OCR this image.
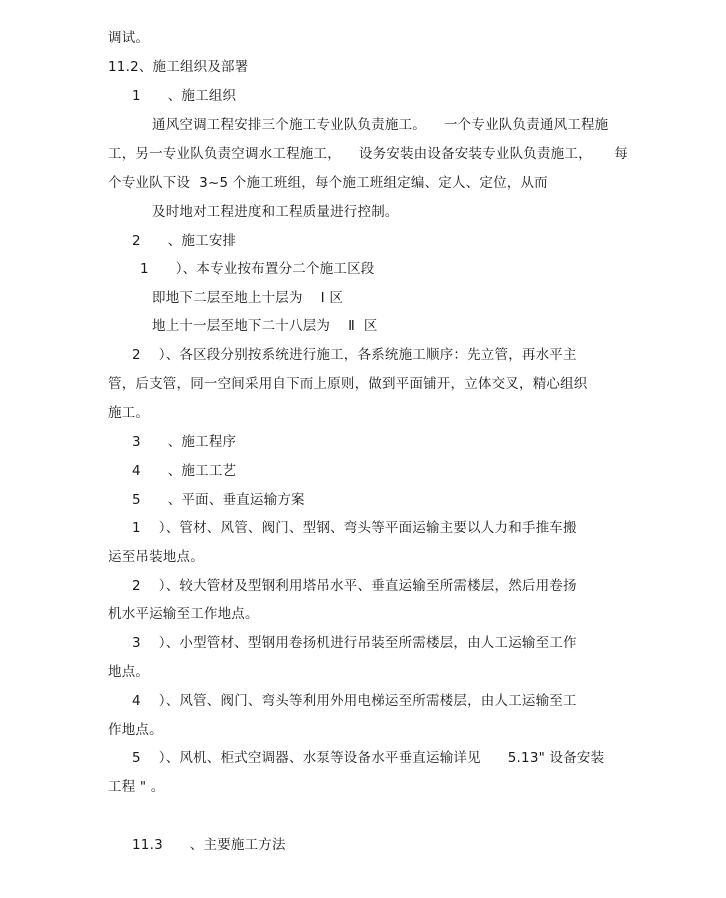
调试。
11.2、施工组织及部署
1      、施工组织
通风空调工程安排三个施工专业队负责施工。    一个专业队负责通风工程施
工，另一专业队负责空调水工程施工，    设务安装由设备安装专业队负责施工，     每
个专业队下设  3~5 个施工班组，每个施工班组定编、定人、定位，从而
及时地对工程进度和工程质量进行控制。
2      、施工安排
1      ）、本专业按布置分二个施工区段
即地下二层至地上十层为    Ⅰ 区
地上十一层至地下二十八层为    Ⅱ  区
2    ）、各区段分别按系统进行施工，各系统施工顺序：先立管，再水平主
管，后支管，同一空间采用自下而上原则，做到平面铺开，立体交叉，精心组织
施工。
3      、施工程序
4      、施工工艺
5      、平面、垂直运输方案
1    ）、管材、风管、阀门、型钢、弯头等平面运输主要以人力和手推车搬
运至吊装地点。
2    ）、较大管材及型钢利用塔吊水平、垂直运输至所需楼层，然后用卷扬
机水平运输至工作地点。
3    ）、小型管材、型钢用卷扬机进行吊装至所需楼层，由人工运输至工作
地点。
4    ）、风管、阀门、弯头等利用外用电梯运至所需楼层，由人工运输至工
作地点。
5    ）、风机、柜式空调器、水泵等设备水平垂直运输详见      5.13" 设备安装
工程 " 。
11.3      、主要施工方法
